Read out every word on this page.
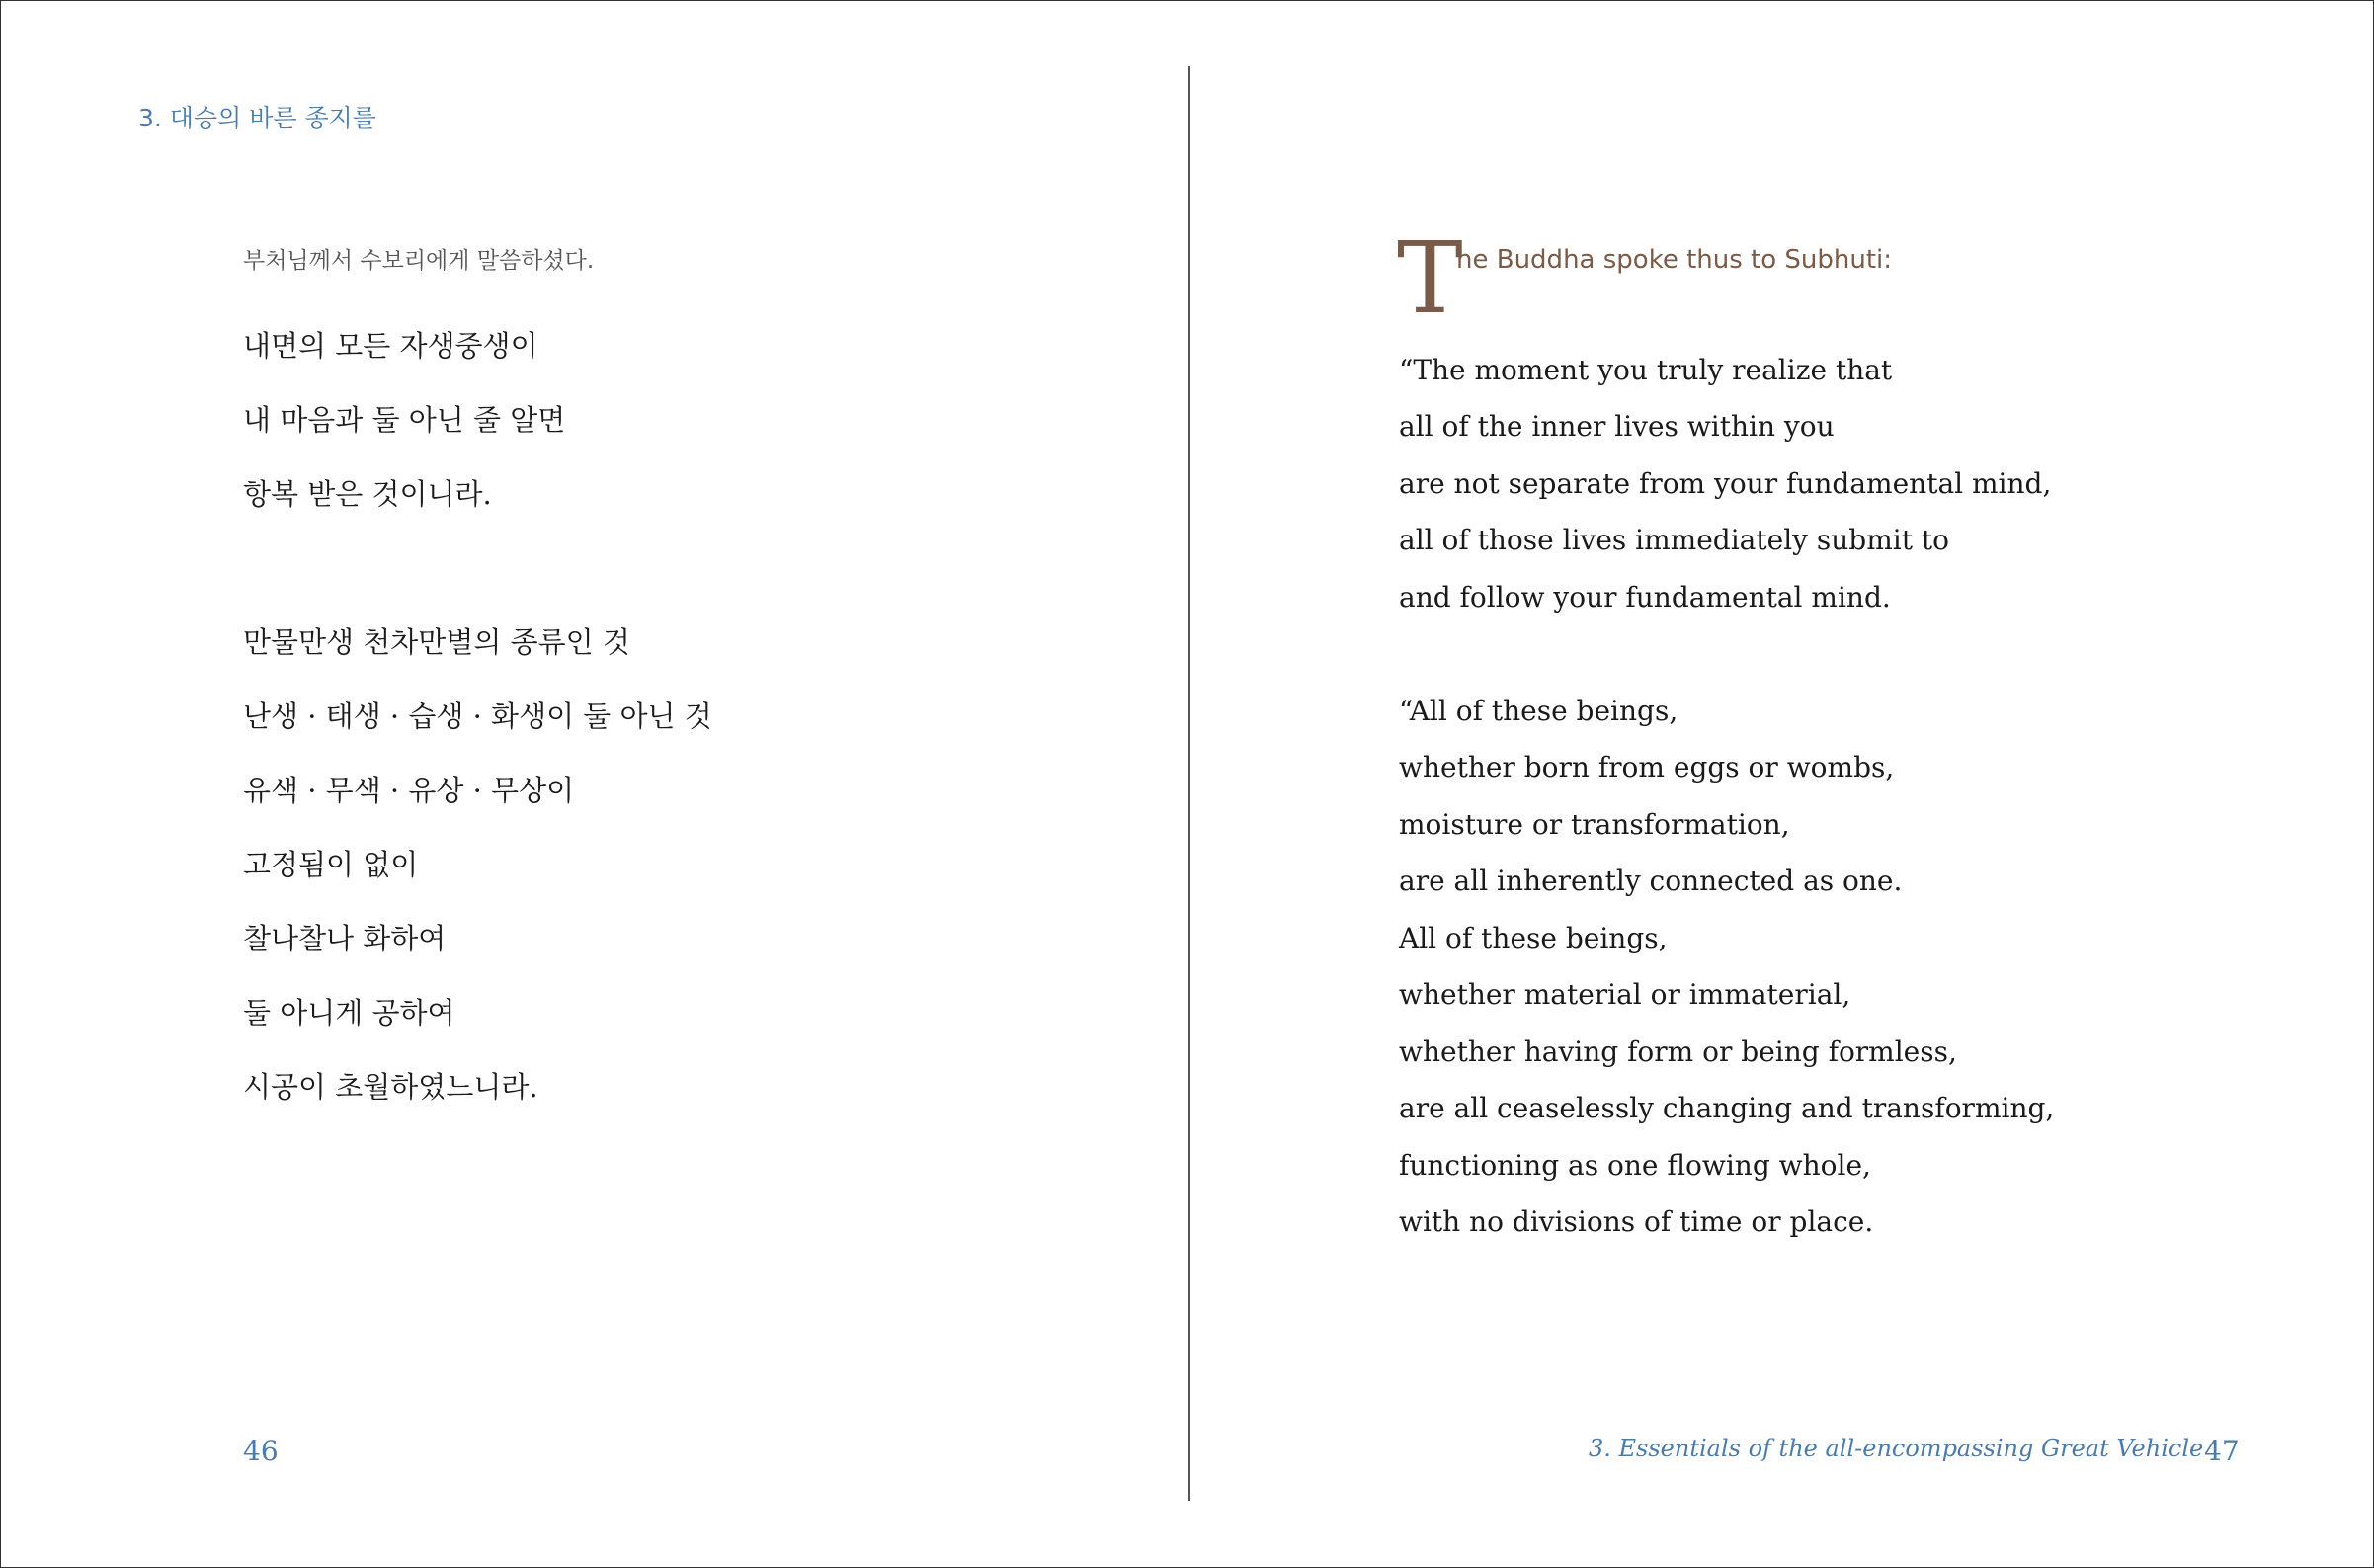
3. 대승의 바른 종지를
부처님께서 수보리에게 말씀하셨다.
내면의 모든 자생중생이
내 마음과 둘 아닌 줄 알면
항복 받은 것이니라.
만물만생 천차만별의 종류인 것
난생 · 태생 · 습생 · 화생이 둘 아닌 것
유색 · 무색 · 유상 · 무상이
고정됨이 없이
찰나찰나 화하여
둘 아니게 공하여
시공이 초월하였느니라.
46
T
he Buddha spoke thus to Subhuti:
“The moment you truly realize that
all of the inner lives within you
are not separate from your fundamental mind,
all of those lives immediately submit to
and follow your fundamental mind.
“All of these beings,
whether born from eggs or wombs,
moisture or transformation,
are all inherently connected as one.
All of these beings,
whether material or immaterial,
whether having form or being formless,
are all ceaselessly changing and transforming,
functioning as one flowing whole,
with no divisions of time or place.
3. Essentials of the all-encompassing Great Vehicle 47
